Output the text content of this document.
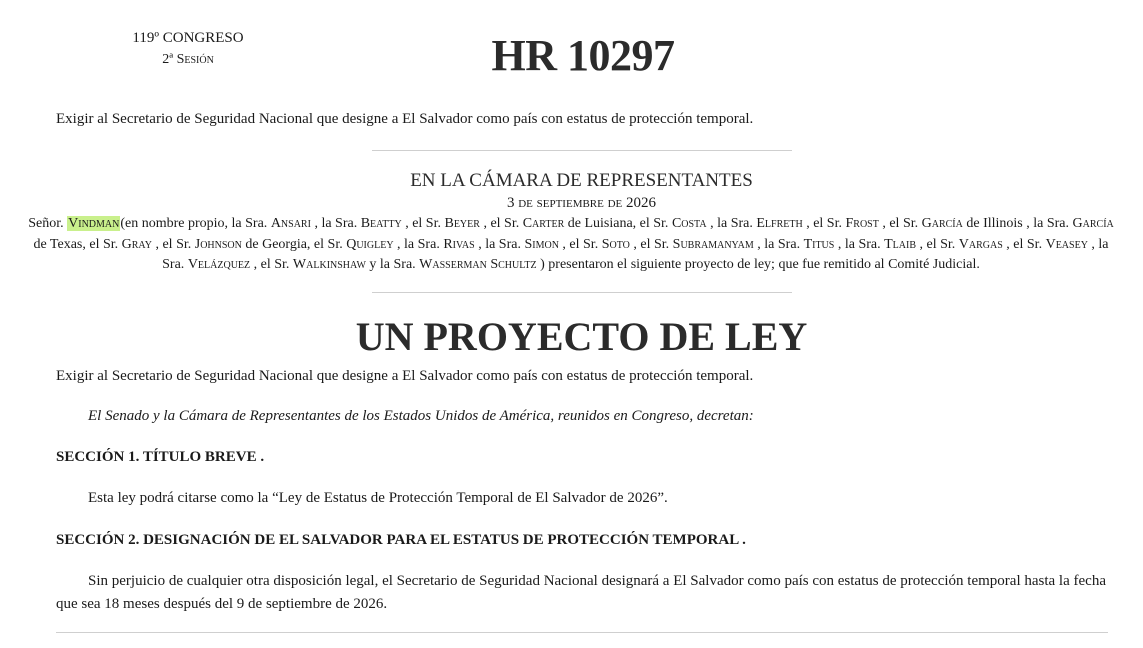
119º CONGRESO
2ª Sesión	HR 10297
Exigir al Secretario de Seguridad Nacional que designe a El Salvador como país con estatus de protección temporal.
EN LA CÁMARA DE REPRESENTANTES
3 de septiembre de 2026
Señor. Vindman(en nombre propio, la Sra. Ansari , la Sra. Beatty , el Sr. Beyer , el Sr. Carter de Luisiana, el Sr. Costa , la Sra. Elfreth , el Sr. Frost , el Sr. García de Illinois , la Sra. García de Texas, el Sr. Gray , el Sr. Johnson de Georgia, el Sr. Quigley , la Sra. Rivas , la Sra. Simon , el Sr. Soto , el Sr. Subramanyam , la Sra. Titus , la Sra. Tlaib , el Sr. Vargas , el Sr. Veasey , la Sra. Velázquez , el Sr. Walkinshaw y la Sra. Wasserman Schultz ) presentaron el siguiente proyecto de ley; que fue remitido al Comité Judicial.
UN PROYECTO DE LEY
Exigir al Secretario de Seguridad Nacional que designe a El Salvador como país con estatus de protección temporal.
El Senado y la Cámara de Representantes de los Estados Unidos de América, reunidos en Congreso, decretan:
SECCIÓN 1. TÍTULO BREVE .
Esta ley podrá citarse como la “Ley de Estatus de Protección Temporal de El Salvador de 2026”.
SECCIÓN 2. DESIGNACIÓN DE EL SALVADOR PARA EL ESTATUS DE PROTECCIÓN TEMPORAL .
Sin perjuicio de cualquier otra disposición legal, el Secretario de Seguridad Nacional designará a El Salvador como país con estatus de protección temporal hasta la fecha que sea 18 meses después del 9 de septiembre de 2026.
